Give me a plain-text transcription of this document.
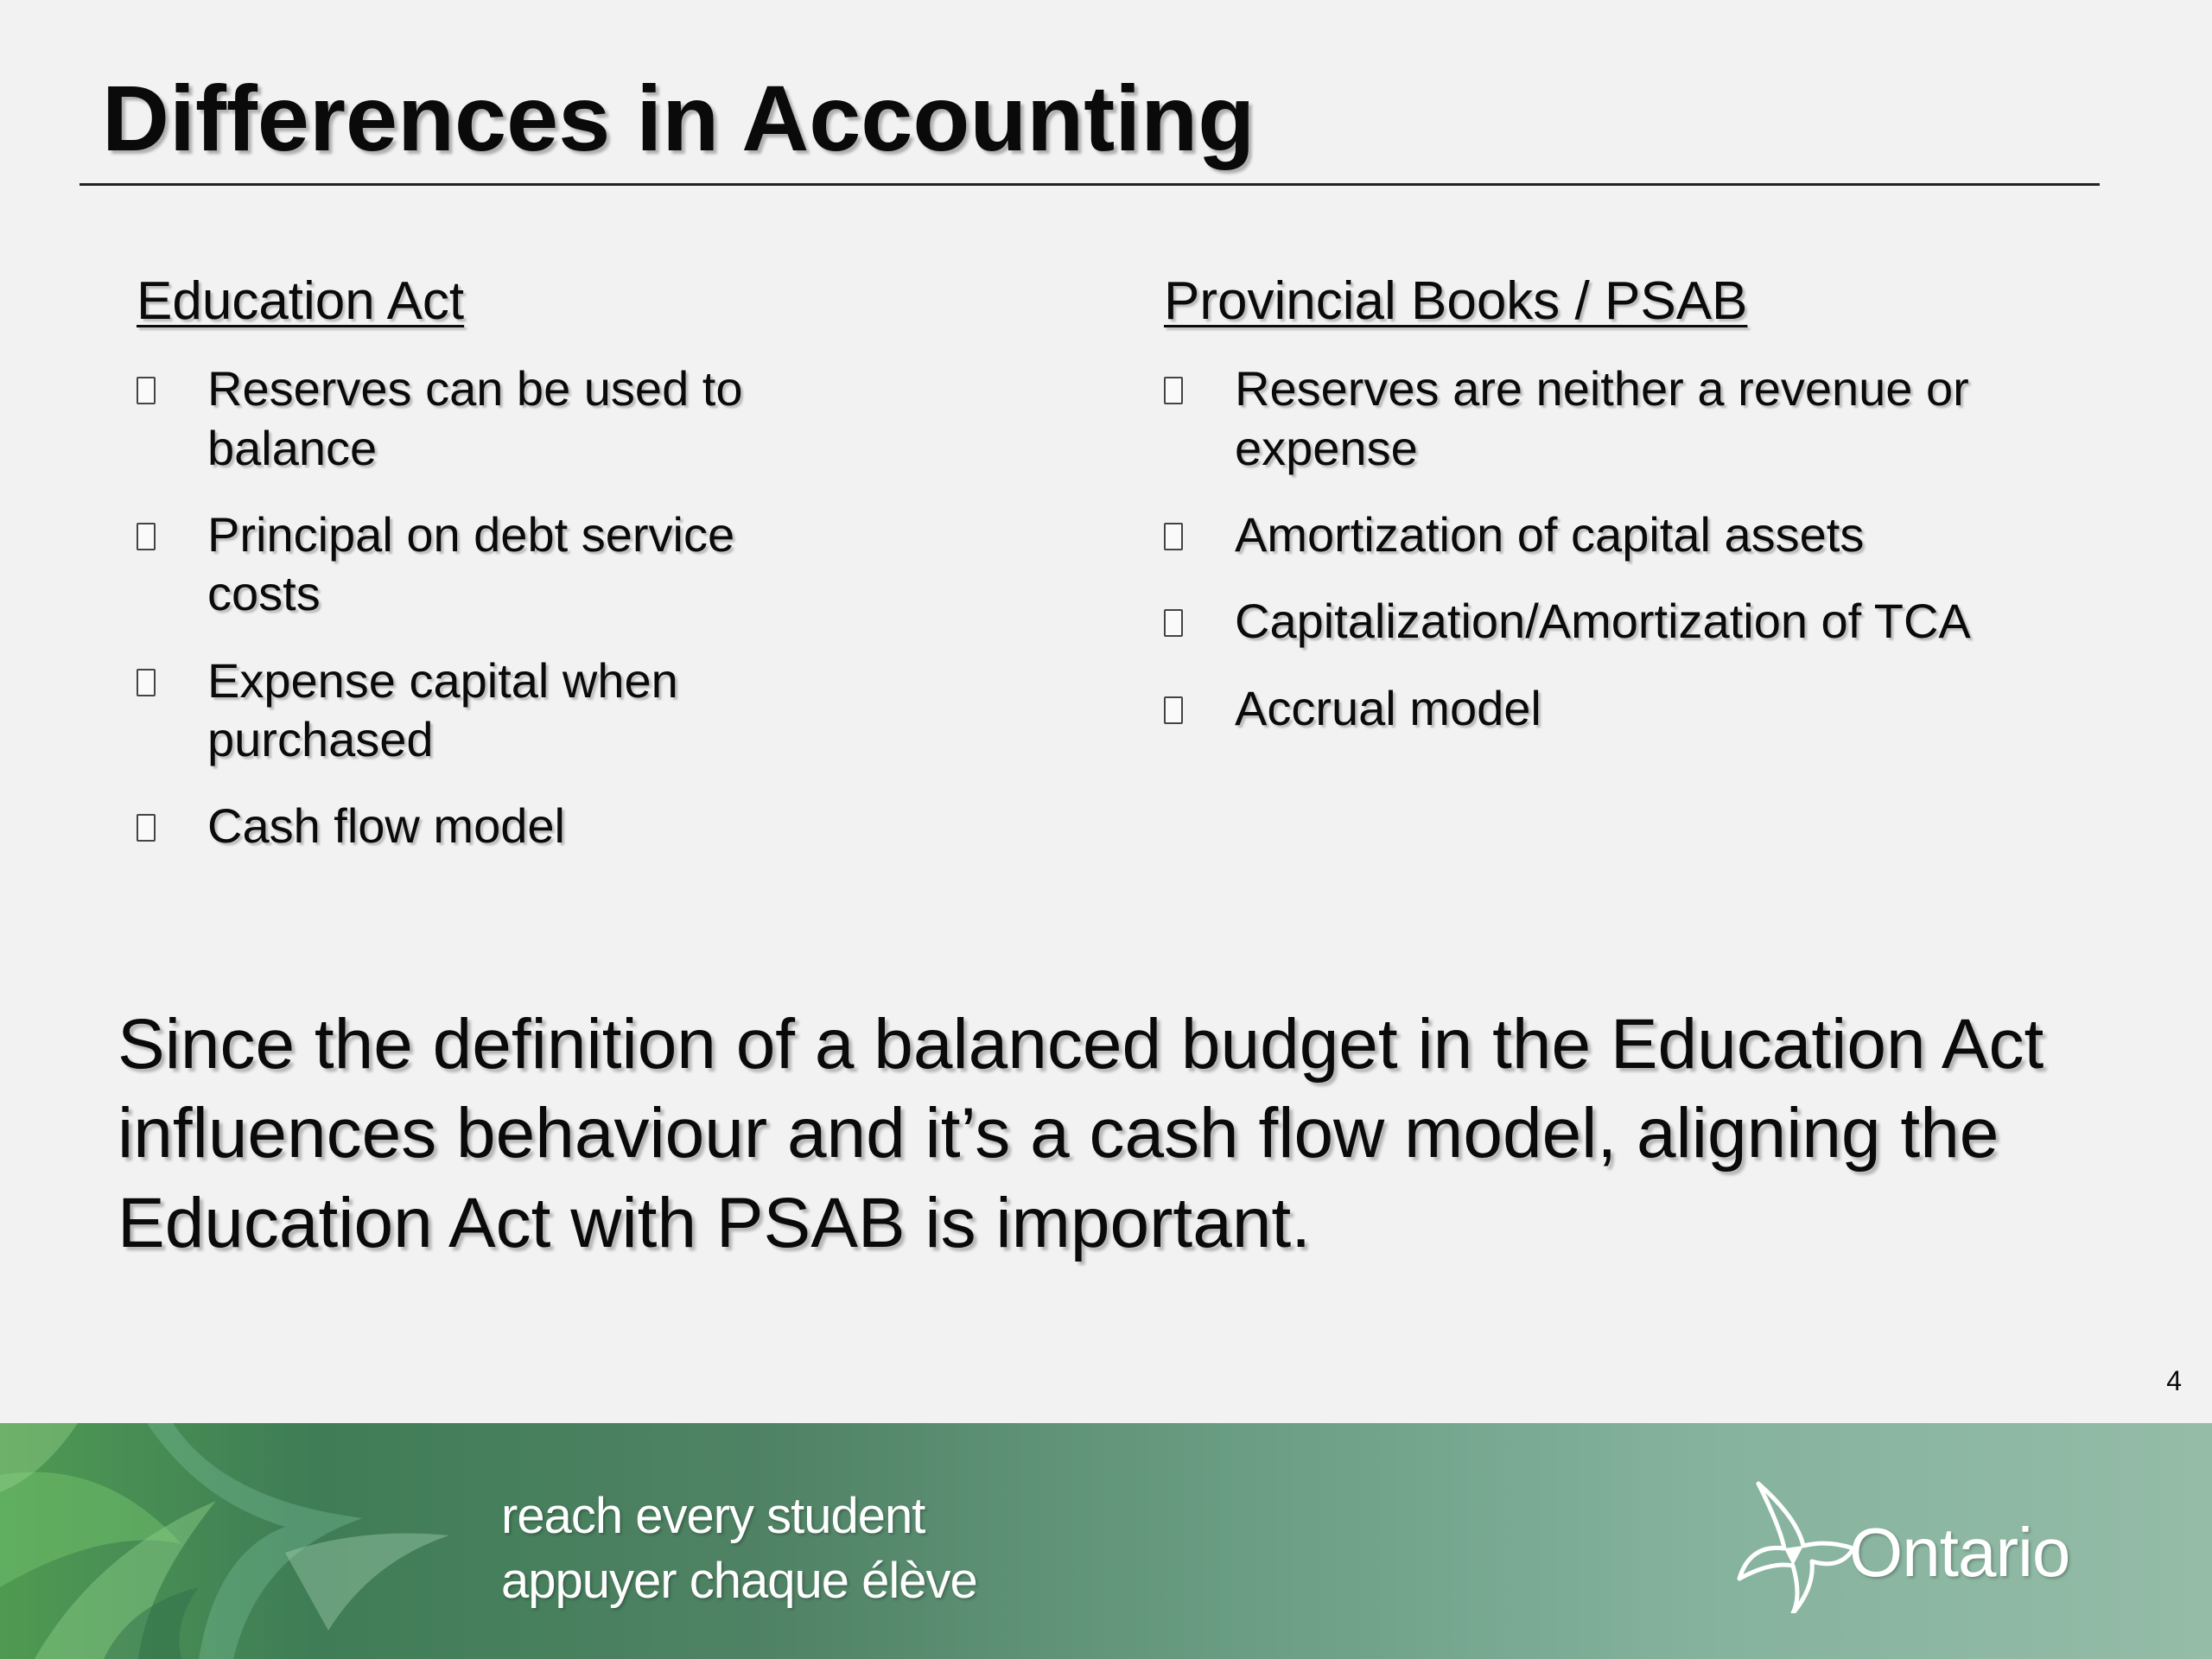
Differences in Accounting
Education Act
Reserves can be used to balance
Principal on debt service costs
Expense capital when purchased
Cash flow model
Provincial Books / PSAB
Reserves are neither a revenue or expense
Amortization of capital assets
Capitalization/Amortization of TCA
Accrual model

Since the definition of a balanced budget in the Education Act influences behaviour and it’s a cash flow model, aligning the Education Act with PSAB is important.

4
reach every student
appuyer chaque élève	Ontario
